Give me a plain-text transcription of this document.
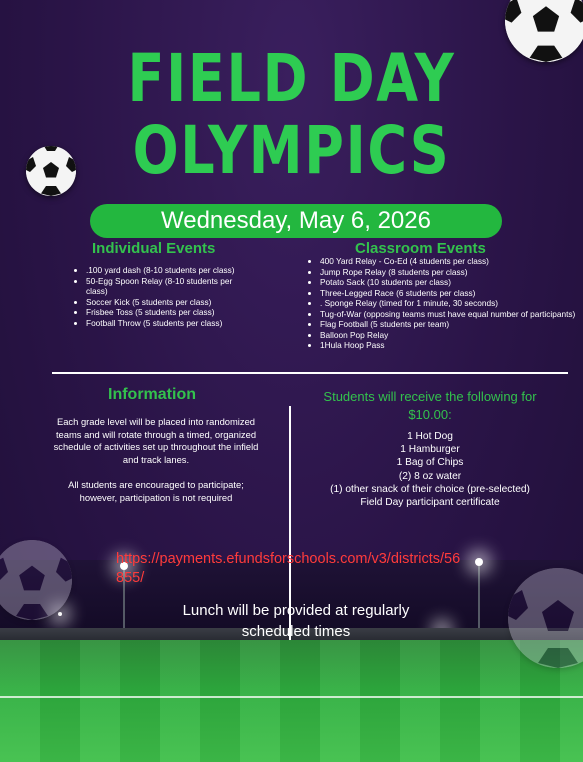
FIELD DAY
OLYMPICS
Wednesday, May 6, 2026
Individual Events
• .100 yard dash (8-10 students per class)
• 50-Egg Spoon Relay (8-10 students per class)
• Soccer Kick (5 students per class)
• Frisbee Toss (5 students per class)
• Football Throw (5 students per class)
Classroom Events
• 400 Yard Relay - Co-Ed (4 students per class)
• Jump Rope Relay (8 students per class)
• Potato Sack (10 students per class)
• Three-Legged Race (6 students per class)
• . Sponge Relay (timed for 1 minute, 30 seconds)
• Tug-of-War (opposing teams must have equal number of participants)
• Flag Football (5 students per team)
• Balloon Pop Relay
• 1Hula Hoop Pass
Information
Each grade level will be placed into randomized teams and will rotate through a timed, organized schedule of activities set up throughout the infield and track lanes.
All students are encouraged to participate; however, participation is not required
Students will receive the following for $10.00:
1 Hot Dog
1 Hamburger
1 Bag of Chips
(2) 8 oz water
(1) other snack of their choice (pre-selected)
Field Day participant certificate
https://payments.efundsforschools.com/v3/districts/56855/
Lunch will be provided at regularly scheduled times
